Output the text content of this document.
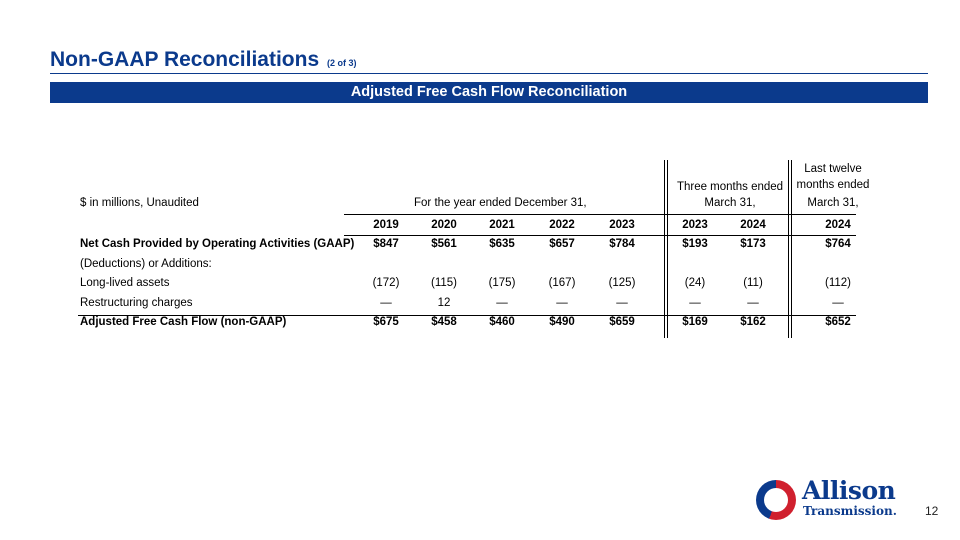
Non-GAAP Reconciliations (2 of 3)
Adjusted Free Cash Flow Reconciliation
$ in millions, Unaudited	For the year ended December 31,
Three months ended
March 31,
Last twelve
months ended
March 31,
2019	2020	2021	2022	2023	2023	2024	2024
Net Cash Provided by Operating Activities (GAAP)	$847	$561	$635	$657	$784	$193	$173	$764
(Deductions) or Additions:
Long-lived assets	(172)	(115)	(175)	(167)	(125)	(24)	(11)	(112)
Restructuring charges	—	12	—	—	—	—	—	—
Adjusted Free Cash Flow (non-GAAP)	$675	$458	$460	$490	$659	$169	$162	$652
Allison
Transmission. 12
